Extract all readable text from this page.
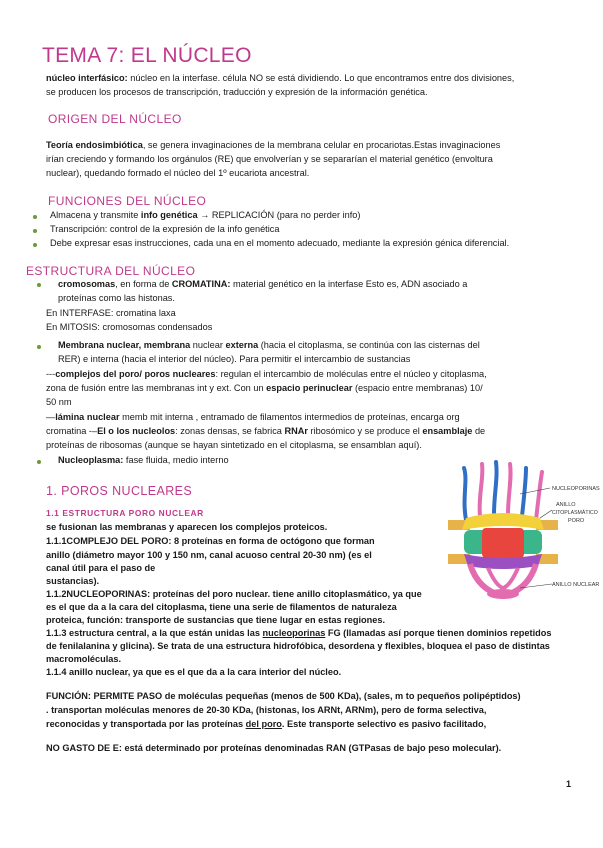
TEMA 7: EL NÚCLEO
núcleo interfásico: núcleo en la interfase. célula NO se está dividiendo. Lo que encontramos entre dos divisiones,
se producen los procesos de transcripción, traducción y expresión de la información genética.
ORIGEN DEL NÚCLEO
Teoría endosimbiótica, se genera invaginaciones de la membrana celular en procariotas.Estas invaginaciones
irían creciendo y formando los orgánulos (RE) que envolverían y se separarían el material genético (envoltura
nuclear), quedando formado el núcleo del 1º eucariota ancestral.
FUNCIONES DEL NÚCLEO
Almacena y transmite info genética → REPLICACIÓN (para no perder info)
Transcripción: control de la expresión de la info genética
Debe expresar esas instrucciones, cada una en el momento adecuado, mediante la expresión génica diferencial.
ESTRUCTURA DEL NÚCLEO
cromosomas, en forma de CROMATINA: material genético en la interfase Esto es, ADN asociado a
proteínas como las histonas.
En INTERFASE: cromatina laxa
En MITOSIS: cromosomas condensados
Membrana nuclear, membrana nuclear externa (hacia el citoplasma, se continúa con las cisternas del
RER) e interna (hacia el interior del núcleo). Para permitir el intercambio de sustancias
---complejos del poro/ poros nucleares: regulan el intercambio de moléculas entre el núcleo y citoplasma,
zona de fusión entre las membranas int y ext. Con un espacio perinuclear (espacio entre membranas) 10/
50 nm
—lámina nuclear memb mit interna , entramado de filamentos intermedios de proteínas, encarga org
cromatina -–El o los nucleolos: zonas densas, se fabrica RNAr ribosómico y se produce el ensamblaje de
proteínas de ribosomas (aunque se hayan sintetizado en el citoplasma, se ensamblan aquí).
Nucleoplasma: fase fluida, medio interno
1. POROS NUCLEARES
1.1 ESTRUCTURA PORO NUCLEAR
se fusionan las membranas y aparecen los complejos proteicos.
1.1.1COMPLEJO DEL PORO: 8 proteínas en forma de octógono que forman
anillo (diámetro mayor 100 y 150 nm, canal acuoso central 20-30 nm) (es el
canal útil para el paso de
sustancias).
1.1.2NUCLEOPORINAS: proteínas del poro nuclear. tiene anillo citoplasmático, ya que
es el que da a la cara del citoplasma, tiene una serie de filamentos de naturaleza
proteica, función: transporte de sustancias que tiene lugar en estas regiones.
1.1.3 estructura central, a la que están unidas las nucleoporinas FG (llamadas así porque tienen dominios repetidos
de fenilalanina y glicina). Se trata de una estructura hidrofóbica, desordena y flexibles, bloquea el paso de distintas
macromoléculas.
1.1.4 anillo nuclear, ya que es el que da a la cara interior del núcleo.
FUNCIÓN: PERMITE PASO de moléculas pequeñas (menos de 500 KDa), (sales, m to pequeños polipéptidos)
. transportan moléculas menores de 20-30 KDa, (histonas, los ARNt, ARNm), pero de forma selectiva,
reconocidas y transportada por las proteínas del poro. Este transporte selectivo es pasivo facilitado,
NO GASTO DE E: está determinado por proteínas denominadas RAN (GTPasas de bajo peso molecular).
NUCLEOPORINAS
ANILLO
CITOPLASMÁTICO
PORO
ANILLO NUCLEAR
1
